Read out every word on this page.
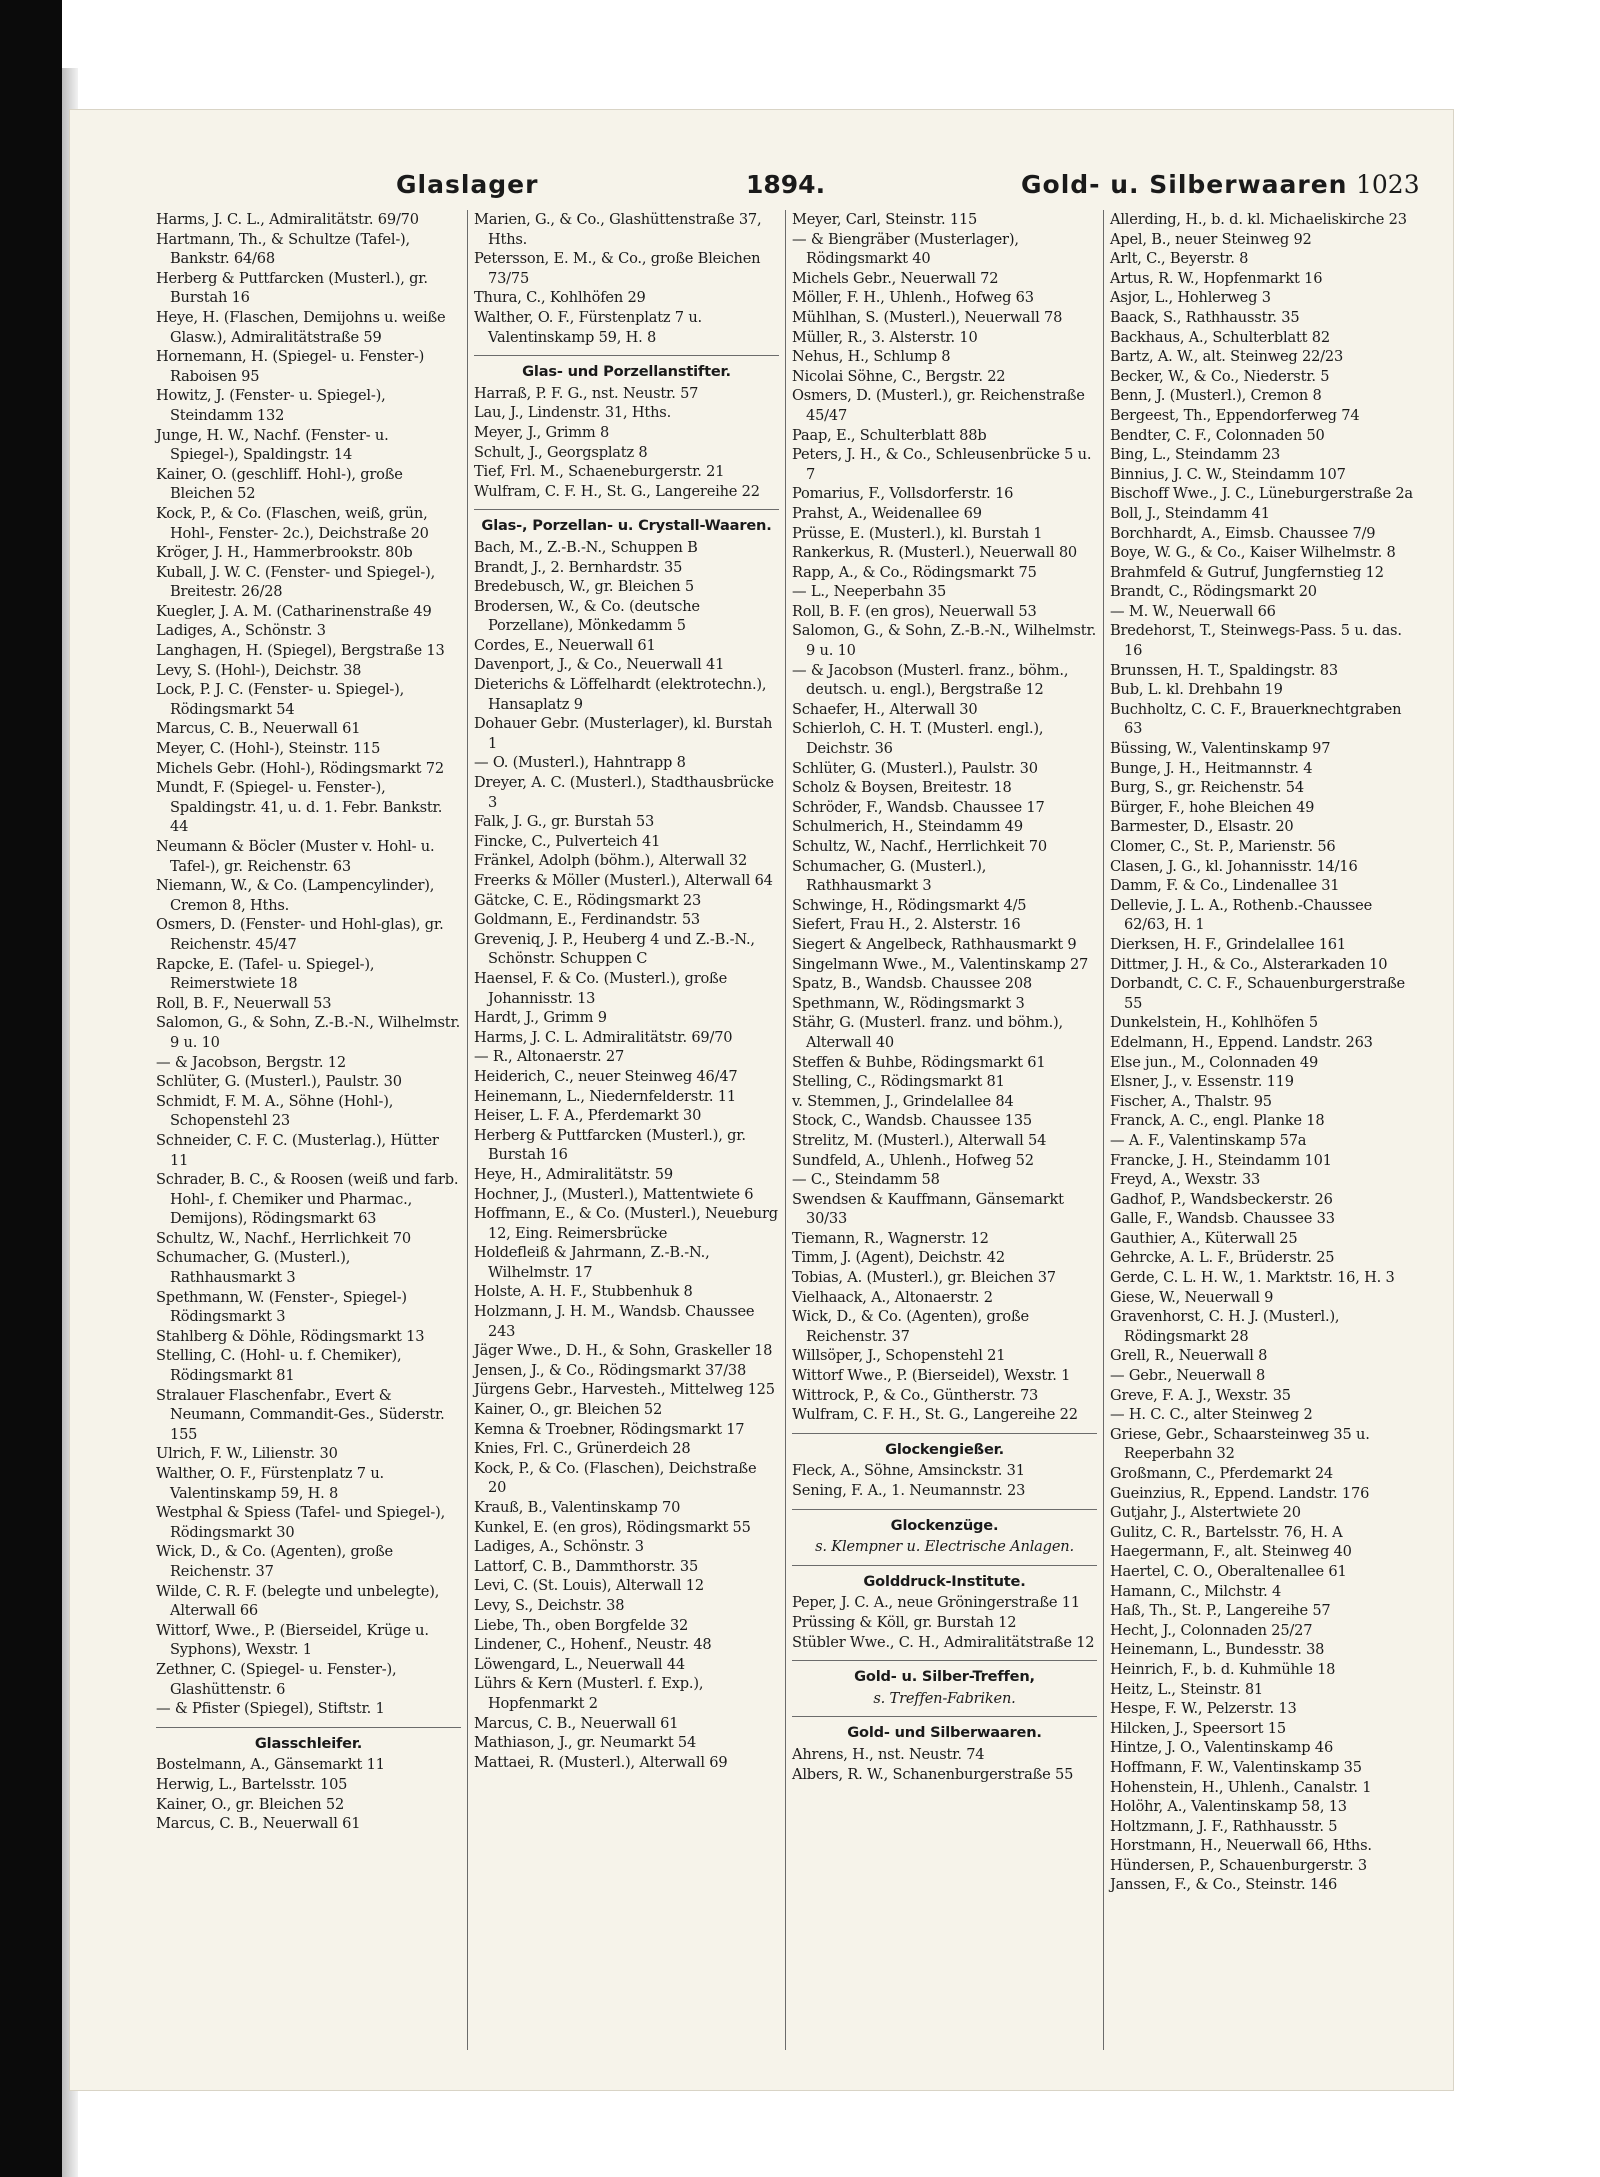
Glaslager	1894.	Gold- u. Silberwaaren 1023

Harms, J. C. L., Admiralitätstr. 69/70

Hartmann, Th., & Schultze (Tafel-), Bankstr. 64/68

Herberg & Puttfarcken (Musterl.), gr. Burstah 16

Heye, H. (Flaschen, Demijohns u. weiße Glasw.), Admiralitätstraße 59

Hornemann, H. (Spiegel- u. Fenster-) Raboisen 95

Howitz, J. (Fenster- u. Spiegel-), Steindamm 132

Junge, H. W., Nachf. (Fenster- u. Spiegel-), Spaldingstr. 14

Kainer, O. (geschliff. Hohl-), große Bleichen 52

Kock, P., & Co. (Flaschen, weiß, grün, Hohl-, Fenster- 2c.), Deichstraße 20

Kröger, J. H., Hammerbrookstr. 80b

Kuball, J. W. C. (Fenster- und Spiegel-), Breitestr. 26/28

Kuegler, J. A. M. (Catharinenstraße 49

Ladiges, A., Schönstr. 3

Langhagen, H. (Spiegel), Bergstraße 13

Levy, S. (Hohl-), Deichstr. 38

Lock, P. J. C. (Fenster- u. Spiegel-), Rödingsmarkt 54

Marcus, C. B., Neuerwall 61

Meyer, C. (Hohl-), Steinstr. 115

Michels Gebr. (Hohl-), Rödingsmarkt 72

Mundt, F. (Spiegel- u. Fenster-), Spaldingstr. 41, u. d. 1. Febr. Bankstr. 44

Neumann & Böcler (Muster v. Hohl- u. Tafel-), gr. Reichenstr. 63

Niemann, W., & Co. (Lampencylinder), Cremon 8, Hths.

Osmers, D. (Fenster- und Hohl-glas), gr. Reichenstr. 45/47

Rapcke, E. (Tafel- u. Spiegel-), Reimerstwiete 18

Roll, B. F., Neuerwall 53

Salomon, G., & Sohn, Z.-B.-N., Wilhelmstr. 9 u. 10

— & Jacobson, Bergstr. 12

Schlüter, G. (Musterl.), Paulstr. 30

Schmidt, F. M. A., Söhne (Hohl-), Schopenstehl 23

Schneider, C. F. C. (Musterlag.), Hütter 11

Schrader, B. C., & Roosen (weiß und farb. Hohl-, f. Chemiker und Pharmac., Demijons), Rödingsmarkt 63

Schultz, W., Nachf., Herrlichkeit 70

Schumacher, G. (Musterl.), Rathhausmarkt 3

Spethmann, W. (Fenster-, Spiegel-) Rödingsmarkt 3

Stahlberg & Döhle, Rödingsmarkt 13

Stelling, C. (Hohl- u. f. Chemiker), Rödingsmarkt 81

Stralauer Flaschenfabr., Evert & Neumann, Commandit-Ges., Süderstr. 155

Ulrich, F. W., Lilienstr. 30

Walther, O. F., Fürstenplatz 7 u. Valentinskamp 59, H. 8

Westphal & Spiess (Tafel- und Spiegel-), Rödingsmarkt 30

Wick, D., & Co. (Agenten), große Reichenstr. 37

Wilde, C. R. F. (belegte und unbelegte), Alterwall 66

Wittorf, Wwe., P. (Bierseidel, Krüge u. Syphons), Wexstr. 1

Zethner, C. (Spiegel- u. Fenster-), Glashüttenstr. 6

— & Pfister (Spiegel), Stiftstr. 1

Glasschleifer.

Bostelmann, A., Gänsemarkt 11

Herwig, L., Bartelsstr. 105

Kainer, O., gr. Bleichen 52

Marcus, C. B., Neuerwall 61

Marien, G., & Co., Glashüttenstraße 37, Hths.

Petersson, E. M., & Co., große Bleichen 73/75

Thura, C., Kohlhöfen 29

Walther, O. F., Fürstenplatz 7 u. Valentinskamp 59, H. 8

Glas- und Porzellanstifter.

Harraß, P. F. G., nst. Neustr. 57

Lau, J., Lindenstr. 31, Hths.

Meyer, J., Grimm 8

Schult, J., Georgsplatz 8

Tief, Frl. M., Schaeneburgerstr. 21

Wulfram, C. F. H., St. G., Langereihe 22

Glas-, Porzellan- u. Crystall-Waaren.

Bach, M., Z.-B.-N., Schuppen B

Brandt, J., 2. Bernhardstr. 35

Bredebusch, W., gr. Bleichen 5

Brodersen, W., & Co. (deutsche Porzellane), Mönkedamm 5

Cordes, E., Neuerwall 61

Davenport, J., & Co., Neuerwall 41

Dieterichs & Löffelhardt (elektrotechn.), Hansaplatz 9

Dohauer Gebr. (Musterlager), kl. Burstah 1

— O. (Musterl.), Hahntrapp 8

Dreyer, A. C. (Musterl.), Stadthausbrücke 3

Falk, J. G., gr. Burstah 53

Fincke, C., Pulverteich 41

Fränkel, Adolph (böhm.), Alterwall 32

Freerks & Möller (Musterl.), Alterwall 64

Gätcke, C. E., Rödingsmarkt 23

Goldmann, E., Ferdinandstr. 53

Greveniq, J. P., Heuberg 4 und Z.-B.-N., Schönstr. Schuppen C

Haensel, F. & Co. (Musterl.), große Johannisstr. 13

Hardt, J., Grimm 9

Harms, J. C. L. Admiralitätstr. 69/70

— R., Altonaerstr. 27

Heiderich, C., neuer Steinweg 46/47

Heinemann, L., Niedernfelderstr. 11

Heiser, L. F. A., Pferdemarkt 30

Herberg & Puttfarcken (Musterl.), gr. Burstah 16

Heye, H., Admiralitätstr. 59

Hochner, J., (Musterl.), Mattentwiete 6

Hoffmann, E., & Co. (Musterl.), Neueburg 12, Eing. Reimersbrücke

Holdefleiß & Jahrmann, Z.-B.-N., Wilhelmstr. 17

Holste, A. H. F., Stubbenhuk 8

Holzmann, J. H. M., Wandsb. Chaussee 243

Jäger Wwe., D. H., & Sohn, Graskeller 18

Jensen, J., & Co., Rödingsmarkt 37/38

Jürgens Gebr., Harvesteh., Mittelweg 125

Kainer, O., gr. Bleichen 52

Kemna & Troebner, Rödingsmarkt 17

Knies, Frl. C., Grünerdeich 28

Kock, P., & Co. (Flaschen), Deichstraße 20

Krauß, B., Valentinskamp 70

Kunkel, E. (en gros), Rödingsmarkt 55

Ladiges, A., Schönstr. 3

Lattorf, C. B., Dammthorstr. 35

Levi, C. (St. Louis), Alterwall 12

Levy, S., Deichstr. 38

Liebe, Th., oben Borgfelde 32

Lindener, C., Hohenf., Neustr. 48

Löwengard, L., Neuerwall 44

Lührs & Kern (Musterl. f. Exp.), Hopfenmarkt 2

Marcus, C. B., Neuerwall 61

Mathiason, J., gr. Neumarkt 54

Mattaei, R. (Musterl.), Alterwall 69

Meyer, Carl, Steinstr. 115

— & Biengräber (Musterlager), Rödingsmarkt 40

Michels Gebr., Neuerwall 72

Möller, F. H., Uhlenh., Hofweg 63

Mühlhan, S. (Musterl.), Neuerwall 78

Müller, R., 3. Alsterstr. 10

Nehus, H., Schlump 8

Nicolai Söhne, C., Bergstr. 22

Osmers, D. (Musterl.), gr. Reichenstraße 45/47

Paap, E., Schulterblatt 88b

Peters, J. H., & Co., Schleusenbrücke 5 u. 7

Pomarius, F., Vollsdorferstr. 16

Prahst, A., Weidenallee 69

Prüsse, E. (Musterl.), kl. Burstah 1

Rankerkus, R. (Musterl.), Neuerwall 80

Rapp, A., & Co., Rödingsmarkt 75

— L., Neeperbahn 35

Roll, B. F. (en gros), Neuerwall 53

Salomon, G., & Sohn, Z.-B.-N., Wilhelmstr. 9 u. 10

— & Jacobson (Musterl. franz., böhm., deutsch. u. engl.), Bergstraße 12

Schaefer, H., Alterwall 30

Schierloh, C. H. T. (Musterl. engl.), Deichstr. 36

Schlüter, G. (Musterl.), Paulstr. 30

Scholz & Boysen, Breitestr. 18

Schröder, F., Wandsb. Chaussee 17

Schulmerich, H., Steindamm 49

Schultz, W., Nachf., Herrlichkeit 70

Schumacher, G. (Musterl.), Rathhausmarkt 3

Schwinge, H., Rödingsmarkt 4/5

Siefert, Frau H., 2. Alsterstr. 16

Siegert & Angelbeck, Rathhausmarkt 9

Singelmann Wwe., M., Valentinskamp 27

Spatz, B., Wandsb. Chaussee 208

Spethmann, W., Rödingsmarkt 3

Stähr, G. (Musterl. franz. und böhm.), Alterwall 40

Steffen & Buhbe, Rödingsmarkt 61

Stelling, C., Rödingsmarkt 81

v. Stemmen, J., Grindelallee 84

Stock, C., Wandsb. Chaussee 135

Strelitz, M. (Musterl.), Alterwall 54

Sundfeld, A., Uhlenh., Hofweg 52

— C., Steindamm 58

Swendsen & Kauffmann, Gänsemarkt 30/33

Tiemann, R., Wagnerstr. 12

Timm, J. (Agent), Deichstr. 42

Tobias, A. (Musterl.), gr. Bleichen 37

Vielhaack, A., Altonaerstr. 2

Wick, D., & Co. (Agenten), große Reichenstr. 37

Willsöper, J., Schopenstehl 21

Wittorf Wwe., P. (Bierseidel), Wexstr. 1

Wittrock, P., & Co., Güntherstr. 73

Wulfram, C. F. H., St. G., Langereihe 22

Glockengießer.

Fleck, A., Söhne, Amsinckstr. 31

Sening, F. A., 1. Neumannstr. 23

Glockenzüge.

s. Klempner u. Electrische Anlagen.

Golddruck-Institute.

Peper, J. C. A., neue Gröningerstraße 11

Prüssing & Köll, gr. Burstah 12

Stübler Wwe., C. H., Admiralitätstraße 12

Gold- u. Silber-Treffen,

s. Treffen-Fabriken.

Gold- und Silberwaaren.

Ahrens, H., nst. Neustr. 74

Albers, R. W., Schanenburgerstraße 55

Allerding, H., b. d. kl. Michaeliskirche 23

Apel, B., neuer Steinweg 92

Arlt, C., Beyerstr. 8

Artus, R. W., Hopfenmarkt 16

Asjor, L., Hohlerweg 3

Baack, S., Rathhausstr. 35

Backhaus, A., Schulterblatt 82

Bartz, A. W., alt. Steinweg 22/23

Becker, W., & Co., Niederstr. 5

Benn, J. (Musterl.), Cremon 8

Bergeest, Th., Eppendorferweg 74

Bendter, C. F., Colonnaden 50

Bing, L., Steindamm 23

Binnius, J. C. W., Steindamm 107

Bischoff Wwe., J. C., Lüneburgerstraße 2a

Boll, J., Steindamm 41

Borchhardt, A., Eimsb. Chaussee 7/9

Boye, W. G., & Co., Kaiser Wilhelmstr. 8

Brahmfeld & Gutruf, Jungfernstieg 12

Brandt, C., Rödingsmarkt 20

— M. W., Neuerwall 66

Bredehorst, T., Steinwegs-Pass. 5 u. das. 16

Brunssen, H. T., Spaldingstr. 83

Bub, L. kl. Drehbahn 19

Buchholtz, C. C. F., Brauerknechtgraben 63

Büssing, W., Valentinskamp 97

Bunge, J. H., Heitmannstr. 4

Burg, S., gr. Reichenstr. 54

Bürger, F., hohe Bleichen 49

Barmester, D., Elsastr. 20

Clomer, C., St. P., Marienstr. 56

Clasen, J. G., kl. Johannisstr. 14/16

Damm, F. & Co., Lindenallee 31

Dellevie, J. L. A., Rothenb.-Chaussee 62/63, H. 1

Dierksen, H. F., Grindelallee 161

Dittmer, J. H., & Co., Alsterarkaden 10

Dorbandt, C. C. F., Schauenburgerstraße 55

Dunkelstein, H., Kohlhöfen 5

Edelmann, H., Eppend. Landstr. 263

Else jun., M., Colonnaden 49

Elsner, J., v. Essenstr. 119

Fischer, A., Thalstr. 95

Franck, A. C., engl. Planke 18

— A. F., Valentinskamp 57a

Francke, J. H., Steindamm 101

Freyd, A., Wexstr. 33

Gadhof, P., Wandsbeckerstr. 26

Galle, F., Wandsb. Chaussee 33

Gauthier, A., Küterwall 25

Gehrcke, A. L. F., Brüderstr. 25

Gerde, C. L. H. W., 1. Marktstr. 16, H. 3

Giese, W., Neuerwall 9

Gravenhorst, C. H. J. (Musterl.), Rödingsmarkt 28

Grell, R., Neuerwall 8

— Gebr., Neuerwall 8

Greve, F. A. J., Wexstr. 35

— H. C. C., alter Steinweg 2

Griese, Gebr., Schaarsteinweg 35 u. Reeperbahn 32

Großmann, C., Pferdemarkt 24

Gueinzius, R., Eppend. Landstr. 176

Gutjahr, J., Alstertwiete 20

Gulitz, C. R., Bartelsstr. 76, H. A

Haegermann, F., alt. Steinweg 40

Haertel, C. O., Oberaltenallee 61

Hamann, C., Milchstr. 4

Haß, Th., St. P., Langereihe 57

Hecht, J., Colonnaden 25/27

Heinemann, L., Bundesstr. 38

Heinrich, F., b. d. Kuhmühle 18

Heitz, L., Steinstr. 81

Hespe, F. W., Pelzerstr. 13

Hilcken, J., Speersort 15

Hintze, J. O., Valentinskamp 46

Hoffmann, F. W., Valentinskamp 35

Hohenstein, H., Uhlenh., Canalstr. 1

Holöhr, A., Valentinskamp 58, 13

Holtzmann, J. F., Rathhausstr. 5

Horstmann, H., Neuerwall 66, Hths.

Hündersen, P., Schauenburgerstr. 3

Janssen, F., & Co., Steinstr. 146
